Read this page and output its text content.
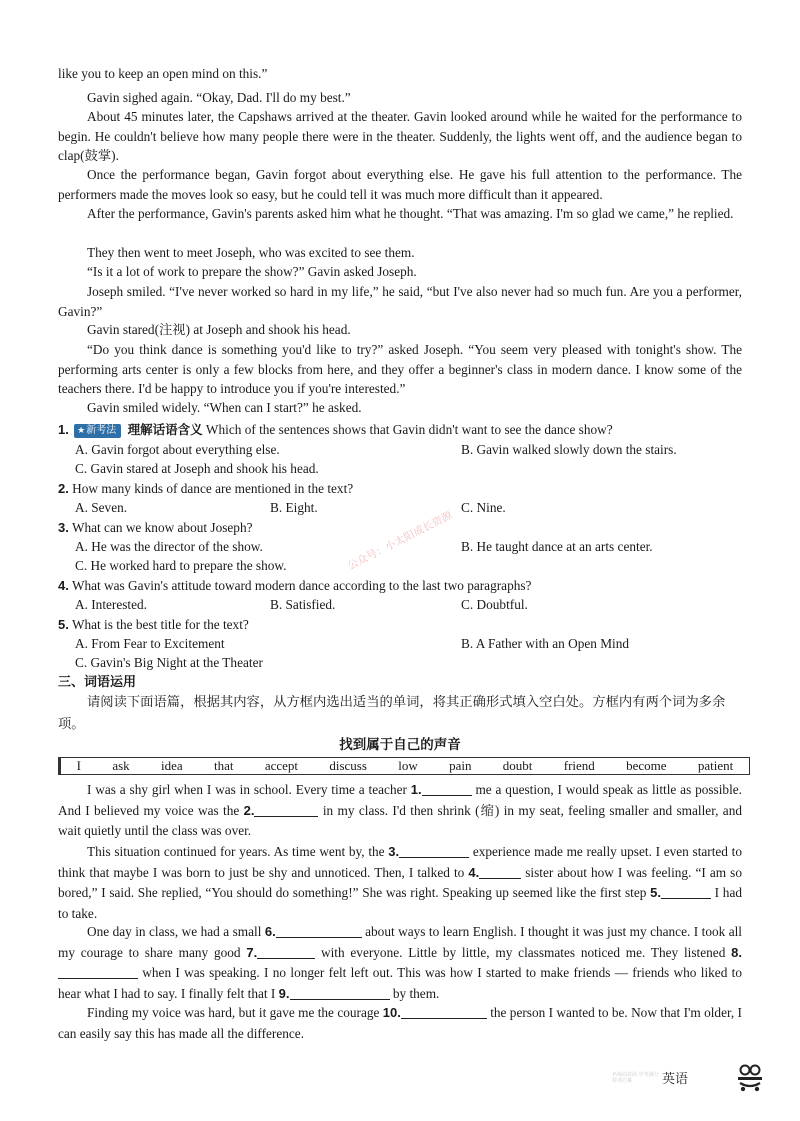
like you to keep an open mind on this.”

Gavin sighed again. “Okay, Dad. I'll do my best.”

About 45 minutes later, the Capshaws arrived at the theater. Gavin looked around while he waited for the performance to begin. He couldn't believe how many people there were in the theater. Suddenly, the lights went off, and the audience began to clap(鼓掌).

Once the performance began, Gavin forgot about everything else. He gave his full attention to the performance. The performers made the moves look so easy, but he could tell it was much more difficult than it appeared.

After the performance, Gavin's parents asked him what he thought. “That was amazing. I'm so glad we came,” he replied.

They then went to meet Joseph, who was excited to see them.

“Is it a lot of work to prepare the show?” Gavin asked Joseph.

Joseph smiled. “I've never worked so hard in my life,” he said, “but I've also never had so much fun. Are you a performer, Gavin?”

Gavin stared(注视) at Joseph and shook his head.

“Do you think dance is something you'd like to try?” asked Joseph. “You seem very pleased with tonight's show. The performing arts center is only a few blocks from here, and they offer a beginner's class in modern dance. I know some of the teachers there. I'd be happy to introduce you if you're interested.”

Gavin smiled widely. “When can I start?” he asked.

1. ★新考法 理解话语含义 Which of the sentences shows that Gavin didn't want to see the dance show?

A. Gavin forgot about everything else.	B. Gavin walked slowly down the stairs.
C. Gavin stared at Joseph and shook his head.

2. How many kinds of dance are mentioned in the text?

A. Seven.	B. Eight.	C. Nine.

3. What can we know about Joseph?

A. He was the director of the show.	B. He taught dance at an arts center.
C. He worked hard to prepare the show.

4. What was Gavin's attitude toward modern dance according to the last two paragraphs?

A. Interested.	B. Satisfied.	C. Doubtful.

5. What is the best title for the text?

A. From Fear to Excitement	B. A Father with an Open Mind
C. Gavin's Big Night at the Theater
公众号：小太阳成长资源
三、词语运用

请阅读下面语篇，根据其内容，从方框内选出适当的单词，将其正确形式填入空白处。方框内有两个词为多余项。

找到属于自己的声音
I ask idea that accept discuss low pain doubt friend become patient

I was a shy girl when I was in school. Every time a teacher 1.	me a question, I would speak as little as possible. And I believed my voice was the 2.	in my class. I'd then shrink (缩) in my seat, feeling smaller and smaller, and wait quietly until the class was over.

This situation continued for years. As time went by, the 3.	experience made me really upset. I even started to think that maybe I was born to just be shy and unnoticed. Then, I talked to 4.	sister about how I was feeling. “I am so bored,” I said. She replied, “You should do something!” She was right. Speaking up seemed like the first step 5.	I had to take.

One day in class, we had a small 6.	about ways to learn English. I thought it was just my chance. I took all my courage to share many good 7.	with everyone. Little by little, my classmates noticed me. They listened 8. when I was speaking. I no longer felt left out. This was how I started to make friends — friends who liked to hear what I had to say. I finally felt that I 9.	by them.

Finding my voice was hard, but it gave me the courage 10.	the person I wanted to be. Now that I'm older, I can easily say this has made all the difference.

名师面对面 中考满分特训方案	英语
